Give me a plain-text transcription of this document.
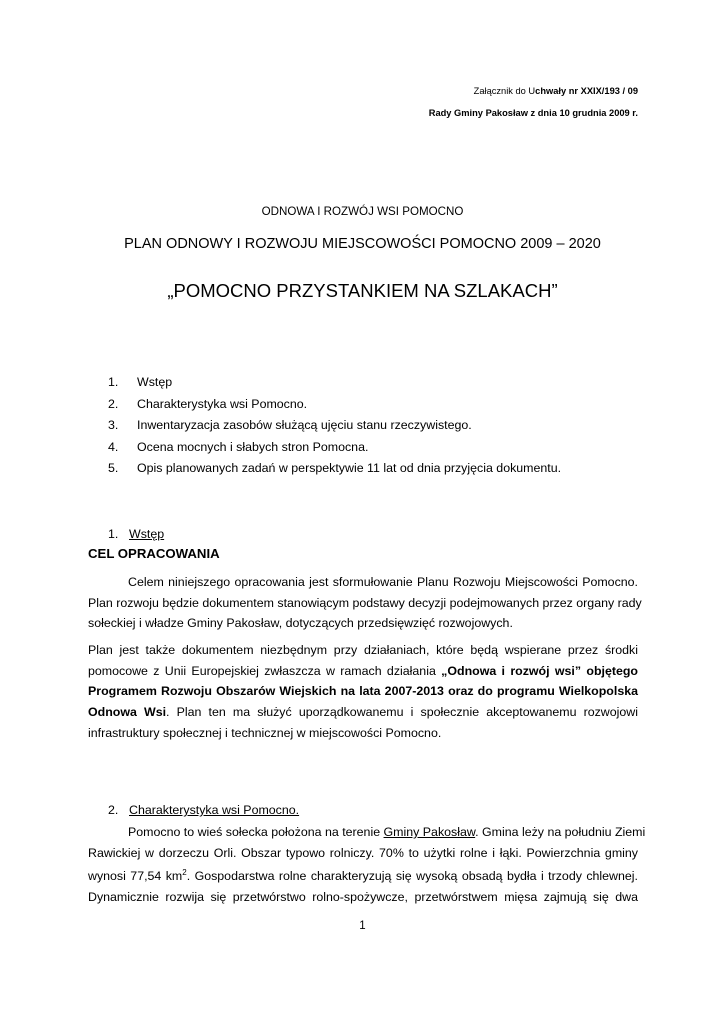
Załącznik do Uchwały nr XXIX/193 / 09
Rady Gminy Pakosław z dnia 10 grudnia 2009 r.
ODNOWA I ROZWÓJ WSI POMOCNO
PLAN ODNOWY I ROZWOJU MIEJSCOWOŚCI POMOCNO 2009 – 2020
„POMOCNO PRZYSTANKIEM NA SZLAKACH”
1. Wstęp
2. Charakterystyka wsi Pomocno.
3. Inwentaryzacja zasobów służącą ujęciu stanu rzeczywistego.
4. Ocena mocnych i słabych stron Pomocna.
5. Opis planowanych zadań w perspektywie 11 lat od dnia przyjęcia dokumentu.
1. Wstęp
CEL OPRACOWANIA
Celem niniejszego opracowania jest sformułowanie Planu Rozwoju Miejscowości Pomocno.
Plan rozwoju będzie dokumentem stanowiącym podstawy decyzji podejmowanych przez organy rady
sołeckiej i władze Gminy Pakosław, dotyczących przedsięwzięć rozwojowych.
Plan jest także dokumentem niezbędnym przy działaniach, które będą wspierane przez środki
pomocowe z Unii Europejskiej zwłaszcza w ramach działania „Odnowa i rozwój wsi” objętego
Programem Rozwoju Obszarów Wiejskich na lata 2007-2013 oraz do programu Wielkopolska
Odnowa Wsi. Plan ten ma służyć uporządkowanemu i społecznie akceptowanemu rozwojowi
infrastruktury społecznej i technicznej w miejscowości Pomocno.
2. Charakterystyka wsi Pomocno.
Pomocno to wieś sołecka położona na terenie Gminy Pakosław. Gmina leży na południu Ziemi
Rawickiej w dorzeczu Orli. Obszar typowo rolniczy. 70% to użytki rolne i łąki. Powierzchnia gminy
wynosi 77,54 $km^2$. Gospodarstwa rolne charakteryzują się wysoką obsadą bydła i trzody chlewnej.
Dynamicznie rozwija się przetwórstwo rolno-spożywcze, przetwórstwem mięsa zajmują się dwa
1
